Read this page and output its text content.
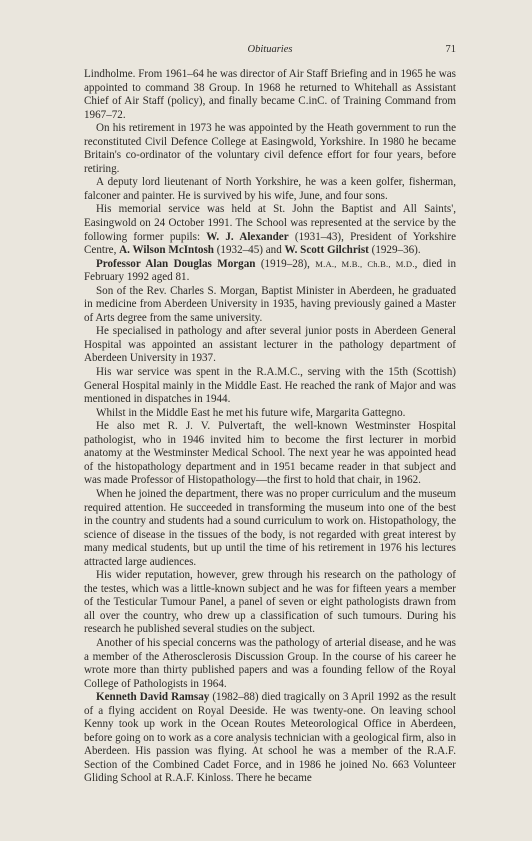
Obituaries	71

Lindholme. From 1961–64 he was director of Air Staff Briefing and in 1965 he was appointed to command 38 Group. In 1968 he returned to Whitehall as Assistant Chief of Air Staff (policy), and finally became C.inC. of Training Command from 1967–72.

On his retirement in 1973 he was appointed by the Heath government to run the reconstituted Civil Defence College at Easingwold, Yorkshire. In 1980 he became Britain's co-ordinator of the voluntary civil defence effort for four years, before retiring.

A deputy lord lieutenant of North Yorkshire, he was a keen golfer, fisherman, falconer and painter. He is survived by his wife, June, and four sons.

His memorial service was held at St. John the Baptist and All Saints', Easingwold on 24 October 1991. The School was represented at the service by the following former pupils: W. J. Alexander (1931–43), President of Yorkshire Centre, A. Wilson McIntosh (1932–45) and W. Scott Gilchrist (1929–36).

Professor Alan Douglas Morgan (1919–28), M.A., M.B., Ch.B., M.D., died in February 1992 aged 81.

Son of the Rev. Charles S. Morgan, Baptist Minister in Aberdeen, he graduated in medicine from Aberdeen University in 1935, having previously gained a Master of Arts degree from the same university.

He specialised in pathology and after several junior posts in Aberdeen General Hospital was appointed an assistant lecturer in the pathology department of Aberdeen University in 1937.

His war service was spent in the R.A.M.C., serving with the 15th (Scottish) General Hospital mainly in the Middle East. He reached the rank of Major and was mentioned in dispatches in 1944.

Whilst in the Middle East he met his future wife, Margarita Gattegno.

He also met R. J. V. Pulvertaft, the well-known Westminster Hospital pathologist, who in 1946 invited him to become the first lecturer in morbid anatomy at the Westminster Medical School. The next year he was appointed head of the histopathology department and in 1951 became reader in that subject and was made Professor of Histopathology—the first to hold that chair, in 1962.

When he joined the department, there was no proper curriculum and the museum required attention. He succeeded in transforming the museum into one of the best in the country and students had a sound curriculum to work on. Histopathology, the science of disease in the tissues of the body, is not regarded with great interest by many medical students, but up until the time of his retirement in 1976 his lectures attracted large audiences.

His wider reputation, however, grew through his research on the pathology of the testes, which was a little-known subject and he was for fifteen years a member of the Testicular Tumour Panel, a panel of seven or eight pathologists drawn from all over the country, who drew up a classification of such tumours. During his research he published several studies on the subject.

Another of his special concerns was the pathology of arterial disease, and he was a member of the Atherosclerosis Discussion Group. In the course of his career he wrote more than thirty published papers and was a founding fellow of the Royal College of Pathologists in 1964.

Kenneth David Ramsay (1982–88) died tragically on 3 April 1992 as the result of a flying accident on Royal Deeside. He was twenty-one. On leaving school Kenny took up work in the Ocean Routes Meteorological Office in Aberdeen, before going on to work as a core analysis technician with a geological firm, also in Aberdeen. His passion was flying. At school he was a member of the R.A.F. Section of the Combined Cadet Force, and in 1986 he joined No. 663 Volunteer Gliding School at R.A.F. Kinloss. There he became
